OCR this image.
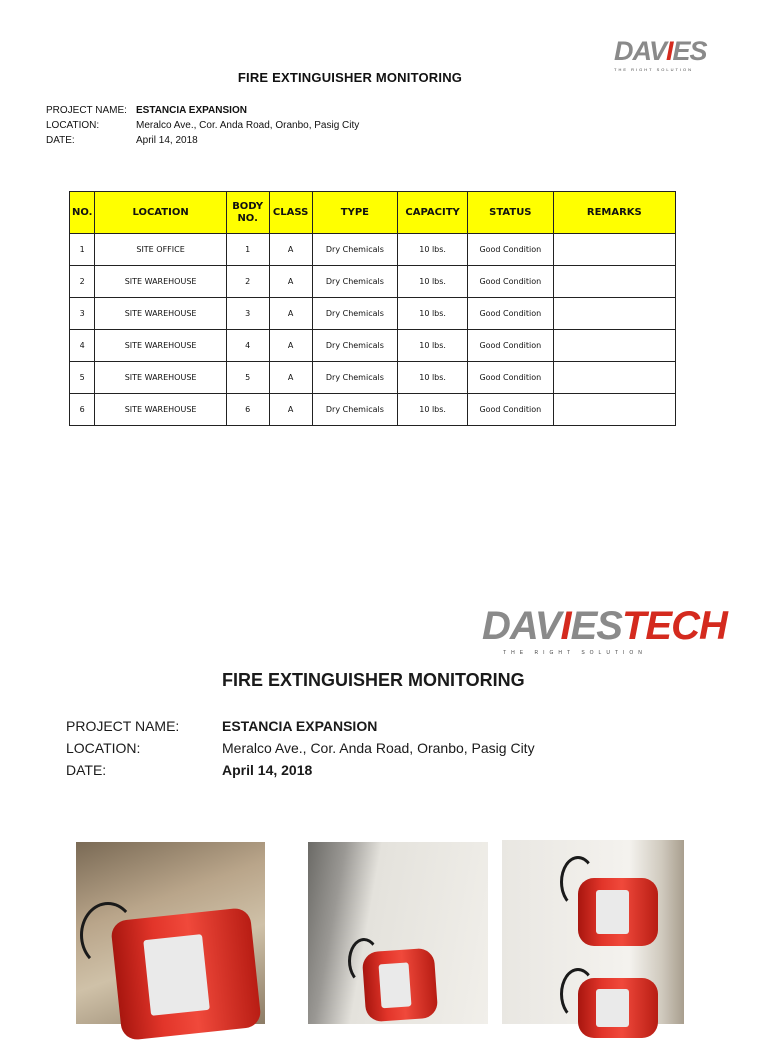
DAVIES
THE RIGHT SOLUTION
FIRE EXTINGUISHER MONITORING
PROJECT NAME: ESTANCIA EXPANSION
LOCATION:	Meralco Ave., Cor. Anda Road, Oranbo, Pasig City
DATE:	April 14, 2018
NO.	LOCATION	BODY NO.	CLASS	TYPE	CAPACITY	STATUS	REMARKS
1	SITE OFFICE	1	A	Dry Chemicals	10 lbs.	Good Condition	
2	SITE WAREHOUSE	2	A	Dry Chemicals	10 lbs.	Good Condition	
3	SITE WAREHOUSE	3	A	Dry Chemicals	10 lbs.	Good Condition	
4	SITE WAREHOUSE	4	A	Dry Chemicals	10 lbs.	Good Condition	
5	SITE WAREHOUSE	5	A	Dry Chemicals	10 lbs.	Good Condition	
6	SITE WAREHOUSE	6	A	Dry Chemicals	10 lbs.	Good Condition	
DAVIESTECH
THE RIGHT SOLUTION
FIRE EXTINGUISHER MONITORING
PROJECT NAME:	ESTANCIA EXPANSION
LOCATION:	Meralco Ave., Cor. Anda Road, Oranbo, Pasig City
DATE:	April 14, 2018
